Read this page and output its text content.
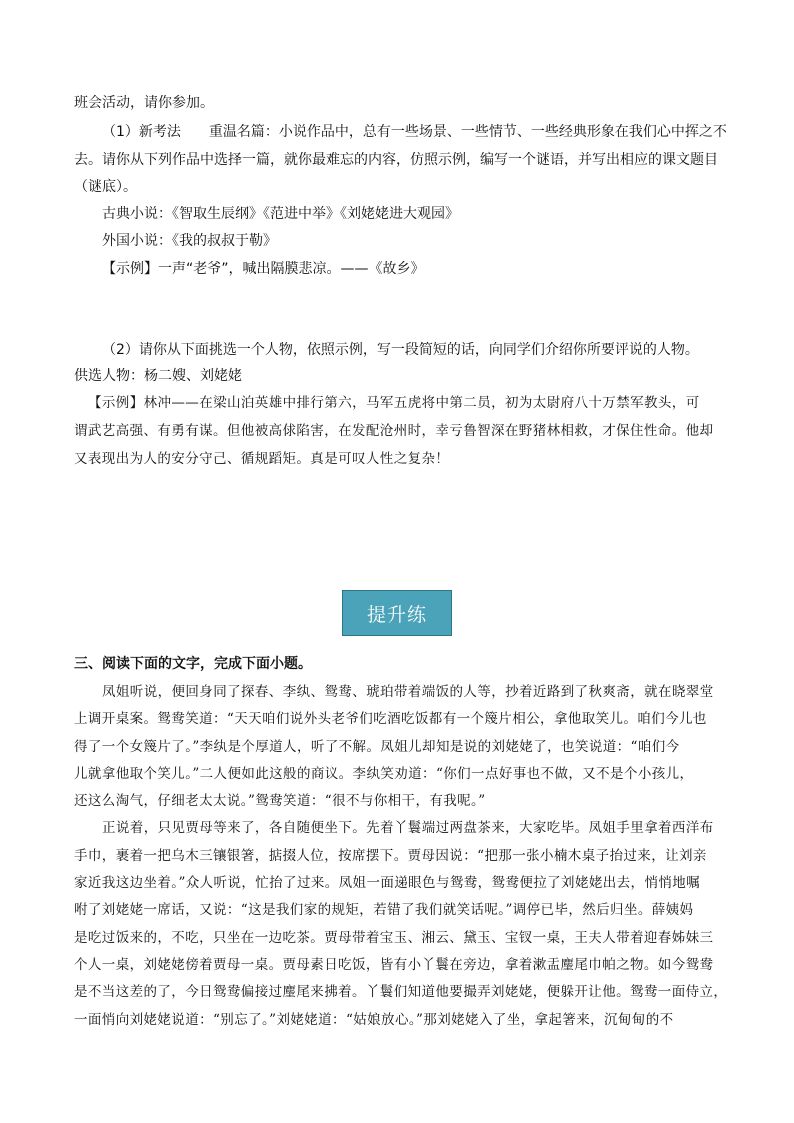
班会活动，请你参加。

（1）新考法　　重温名篇：小说作品中，总有一些场景、一些情节、一些经典形象在我们心中挥之不

去。请你从下列作品中选择一篇，就你最难忘的内容，仿照示例，编写一个谜语，并写出相应的课文题目

（谜底）。

古典小说：《智取生辰纲》《范进中举》《刘姥姥进大观园》

外国小说：《我的叔叔于勒》

【示例】一声“老爷”，喊出隔膜悲凉。——《故乡》

（2）请你从下面挑选一个人物，依照示例，写一段简短的话，向同学们介绍你所要评说的人物。

供选人物：杨二嫂、刘姥姥

【示例】林冲——在梁山泊英雄中排行第六，马军五虎将中第二员，初为太尉府八十万禁军教头，可

谓武艺高强、有勇有谋。但他被高俅陷害，在发配沧州时，幸亏鲁智深在野猪林相救，才保住性命。他却

又表现出为人的安分守己、循规蹈矩。真是可叹人性之复杂！

提升练

三、阅读下面的文字，完成下面小题。

凤姐听说，便回身同了探春、李纨、鸳鸯、琥珀带着端饭的人等，抄着近路到了秋爽斋，就在晓翠堂

上调开桌案。鸳鸯笑道：“天天咱们说外头老爷们吃酒吃饭都有一个篾片相公，拿他取笑儿。咱们今儿也

得了一个女篾片了。”李纨是个厚道人，听了不解。凤姐儿却知是说的刘姥姥了，也笑说道：“咱们今

儿就拿他取个笑儿。”二人便如此这般的商议。李纨笑劝道：“你们一点好事也不做，又不是个小孩儿，

还这么淘气，仔细老太太说。”鸳鸯笑道：“很不与你相干，有我呢。”

正说着，只见贾母等来了，各自随便坐下。先着丫鬟端过两盘茶来，大家吃毕。凤姐手里拿着西洋布

手巾，裹着一把乌木三镶银箸，掂掇人位，按席摆下。贾母因说：“把那一张小楠木桌子抬过来，让刘亲

家近我这边坐着。”众人听说，忙抬了过来。凤姐一面递眼色与鸳鸯，鸳鸯便拉了刘姥姥出去，悄悄地嘱

咐了刘姥姥一席话，又说：“这是我们家的规矩，若错了我们就笑话呢。”调停已毕，然后归坐。薛姨妈

是吃过饭来的，不吃，只坐在一边吃茶。贾母带着宝玉、湘云、黛玉、宝钗一桌，王夫人带着迎春姊妹三

个人一桌，刘姥姥傍着贾母一桌。贾母素日吃饭，皆有小丫鬟在旁边，拿着漱盂麈尾巾帕之物。如今鸳鸯

是不当这差的了，今日鸳鸯偏接过麈尾来拂着。丫鬟们知道他要撮弄刘姥姥，便躲开让他。鸳鸯一面侍立，

一面悄向刘姥姥说道：“别忘了。”刘姥姥道：“姑娘放心。”那刘姥姥入了坐，拿起箸来，沉甸甸的不
